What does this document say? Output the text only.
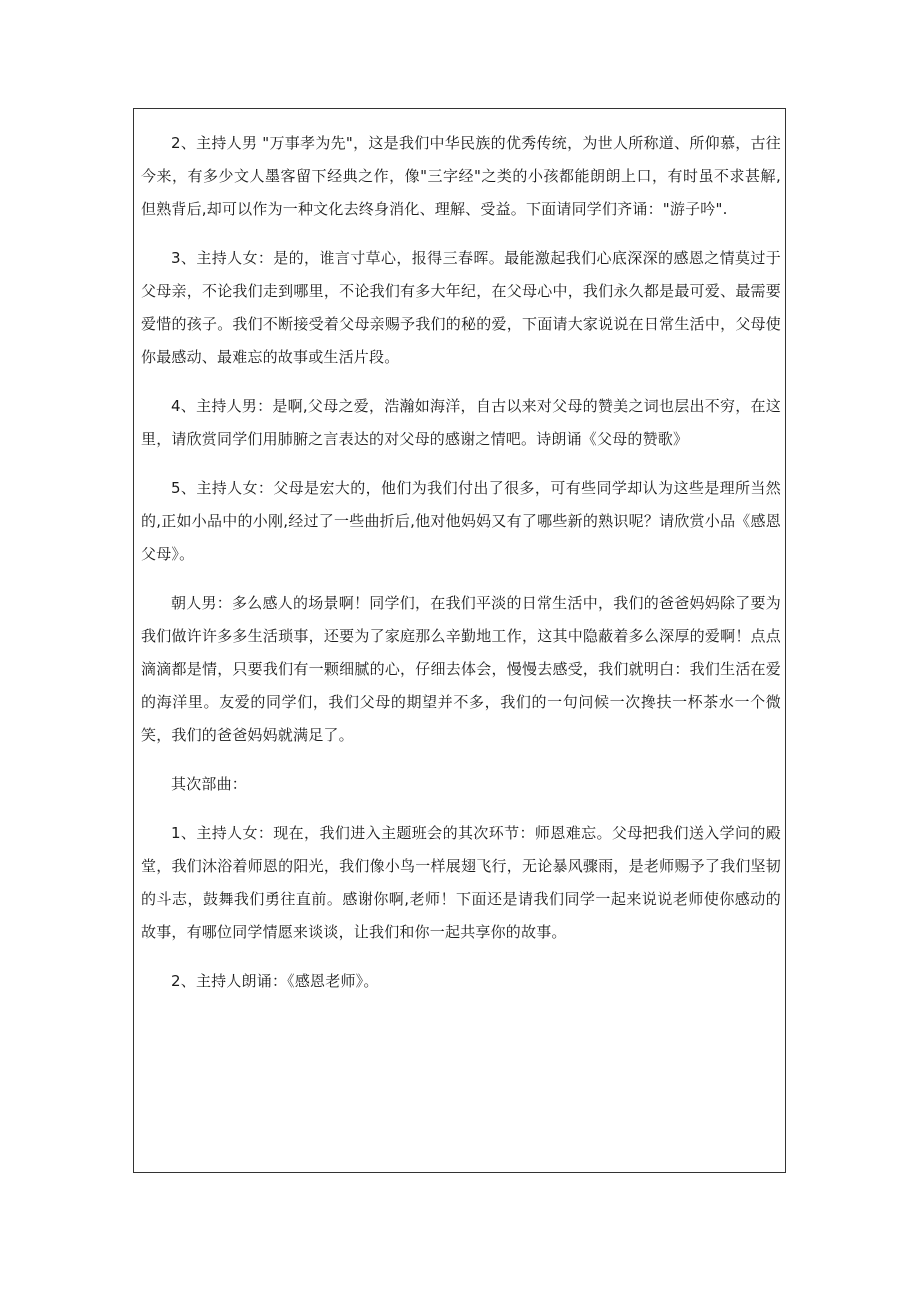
2、主持人男 "万事孝为先"，这是我们中华民族的优秀传统，为世人所称道、所仰慕，古往今来，有多少文人墨客留下经典之作，像"三字经"之类的小孩都能朗朗上口，有时虽不求甚解,但熟背后,却可以作为一种文化去终身消化、理解、受益。下面请同学们齐诵："游子吟".

3、主持人女：是的，谁言寸草心，报得三春晖。最能激起我们心底深深的感恩之情莫过于父母亲，不论我们走到哪里，不论我们有多大年纪，在父母心中，我们永久都是最可爱、最需要爱惜的孩子。我们不断接受着父母亲赐予我们的秘的爱，下面请大家说说在日常生活中，父母使你最感动、最难忘的故事或生活片段。

4、主持人男：是啊,父母之爱，浩瀚如海洋，自古以来对父母的赞美之词也层出不穷，在这里，请欣赏同学们用肺腑之言表达的对父母的感谢之情吧。诗朗诵《父母的赞歌》

5、主持人女：父母是宏大的，他们为我们付出了很多，可有些同学却认为这些是理所当然的,正如小品中的小刚,经过了一些曲折后,他对他妈妈又有了哪些新的熟识呢？请欣赏小品《感恩父母》。

朝人男：多么感人的场景啊！同学们，在我们平淡的日常生活中，我们的爸爸妈妈除了要为我们做许许多多生活琐事，还要为了家庭那么辛勤地工作，这其中隐蔽着多么深厚的爱啊！点点滴滴都是情，只要我们有一颗细腻的心，仔细去体会，慢慢去感受，我们就明白：我们生活在爱的海洋里。友爱的同学们，我们父母的期望并不多，我们的一句问候一次搀扶一杯茶水一个微笑，我们的爸爸妈妈就满足了。

其次部曲：

1、主持人女：现在，我们进入主题班会的其次环节：师恩难忘。父母把我们送入学问的殿堂，我们沐浴着师恩的阳光，我们像小鸟一样展翅飞行，无论暴风骤雨，是老师赐予了我们坚韧的斗志，鼓舞我们勇往直前。感谢你啊,老师！下面还是请我们同学一起来说说老师使你感动的故事，有哪位同学情愿来谈谈，让我们和你一起共享你的故事。

2、主持人朗诵：《感恩老师》。
